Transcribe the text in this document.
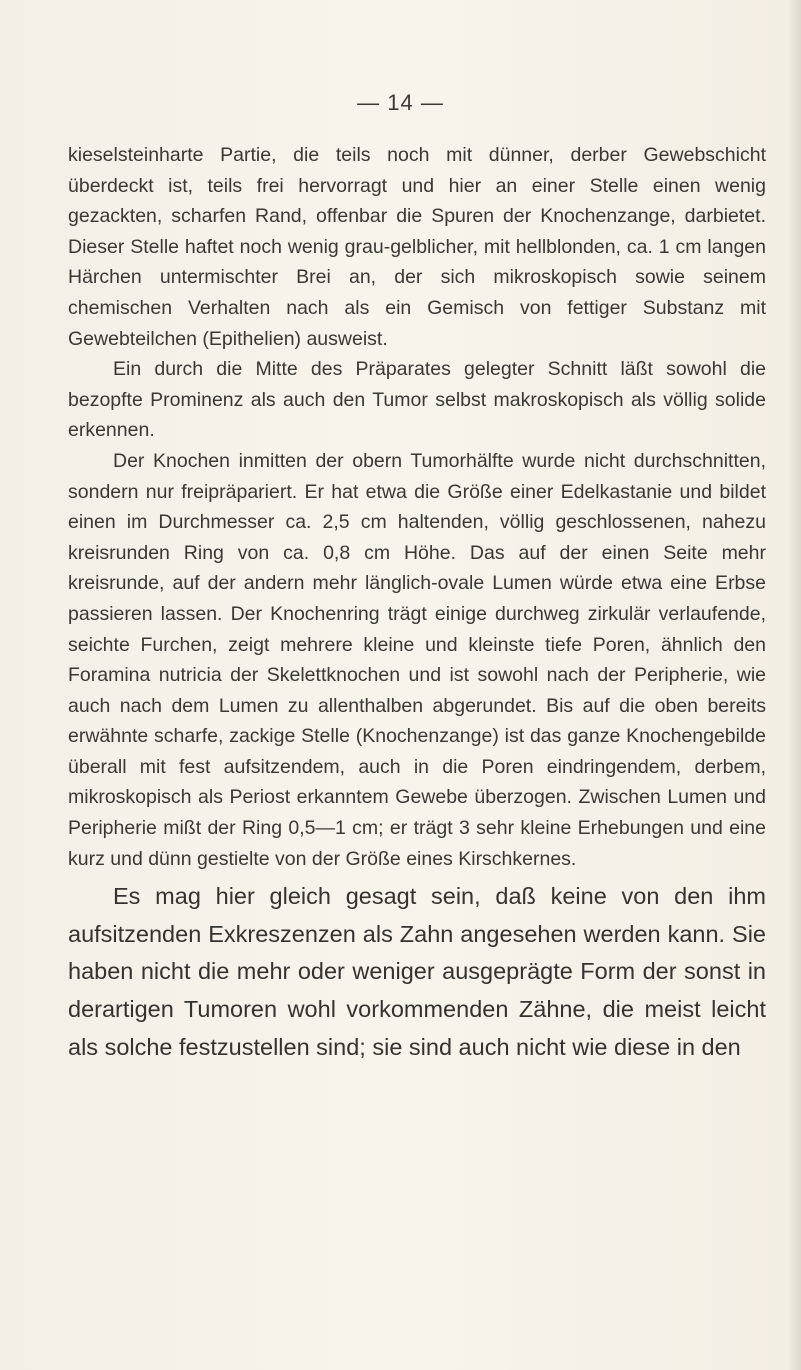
— 14 —

kieselsteinharte Partie, die teils noch mit dünner, derber Gewebschicht überdeckt ist, teils frei hervorragt und hier an einer Stelle einen wenig gezackten, scharfen Rand, offenbar die Spuren der Knochenzange, darbietet. Dieser Stelle haftet noch wenig grau-gelblicher, mit hellblonden, ca. 1 cm langen Härchen untermischter Brei an, der sich mikroskopisch sowie seinem chemischen Verhalten nach als ein Gemisch von fettiger Substanz mit Gewebteilchen (Epithelien) ausweist.

Ein durch die Mitte des Präparates gelegter Schnitt läßt sowohl die bezopfte Prominenz als auch den Tumor selbst makroskopisch als völlig solide erkennen.

Der Knochen inmitten der obern Tumorhälfte wurde nicht durchschnitten, sondern nur freipräpariert. Er hat etwa die Größe einer Edelkastanie und bildet einen im Durchmesser ca. 2,5 cm haltenden, völlig geschlossenen, nahezu kreisrunden Ring von ca. 0,8 cm Höhe. Das auf der einen Seite mehr kreisrunde, auf der andern mehr länglich-ovale Lumen würde etwa eine Erbse passieren lassen. Der Knochenring trägt einige durchweg zirkulär verlaufende, seichte Furchen, zeigt mehrere kleine und kleinste tiefe Poren, ähnlich den Foramina nutricia der Skelettknochen und ist sowohl nach der Peripherie, wie auch nach dem Lumen zu allenthalben abgerundet. Bis auf die oben bereits erwähnte scharfe, zackige Stelle (Knochenzange) ist das ganze Knochengebilde überall mit fest aufsitzendem, auch in die Poren eindringendem, derbem, mikroskopisch als Periost erkanntem Gewebe überzogen. Zwischen Lumen und Peripherie mißt der Ring 0,5—1 cm; er trägt 3 sehr kleine Erhebungen und eine kurz und dünn gestielte von der Größe eines Kirschkernes.

Es mag hier gleich gesagt sein, daß keine von den ihm aufsitzenden Exkreszenzen als Zahn angesehen werden kann. Sie haben nicht die mehr oder weniger ausgeprägte Form der sonst in derartigen Tumoren wohl vorkommenden Zähne, die meist leicht als solche festzustellen sind; sie sind auch nicht wie diese in den
